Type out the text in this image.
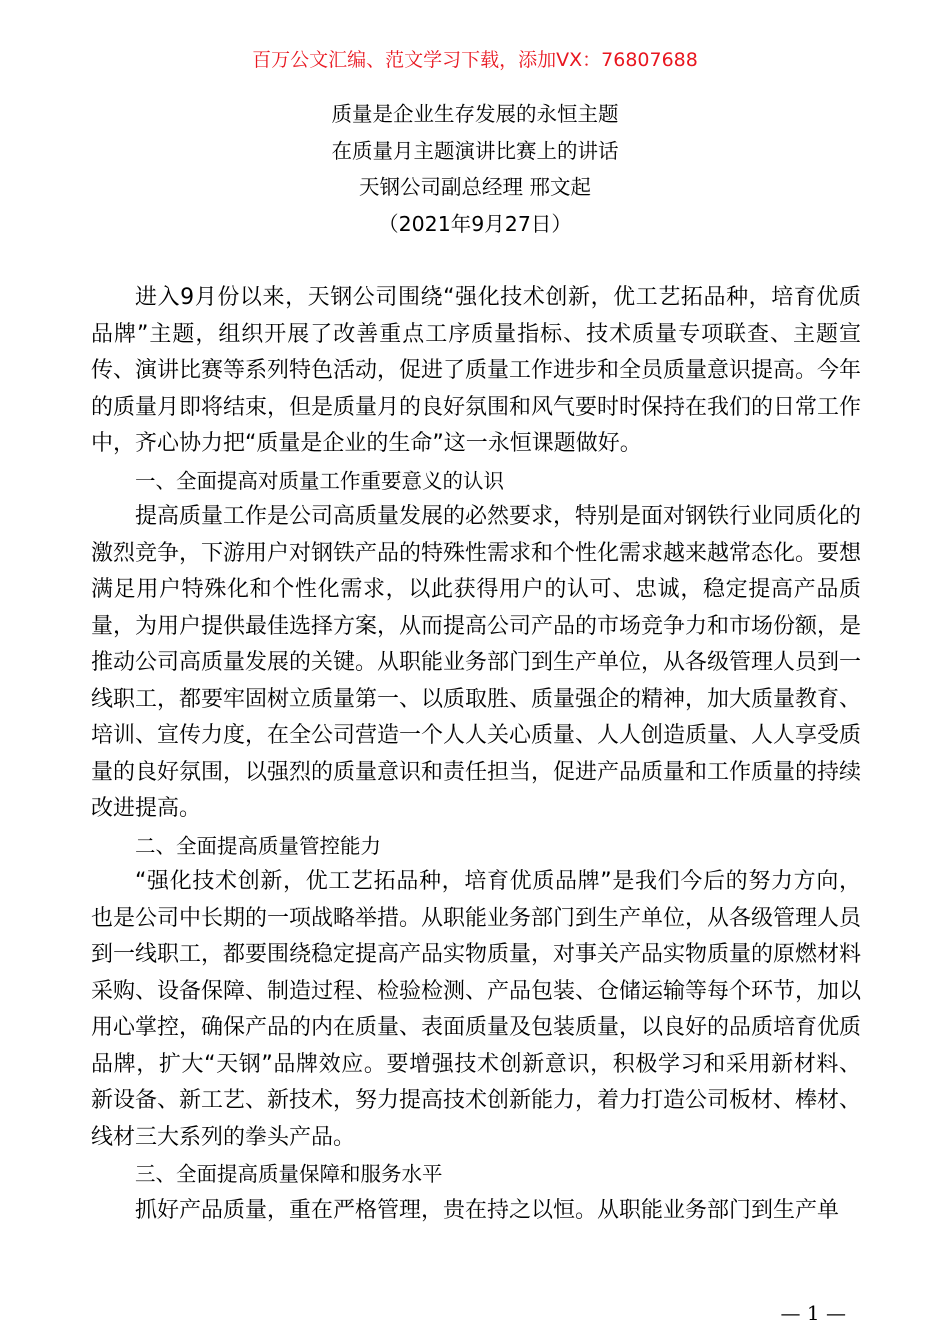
百万公文汇编、范文学习下载，添加VX：76807688
质量是企业生存发展的永恒主题
在质量月主题演讲比赛上的讲话
天钢公司副总经理 邢文起
（2021年9月27日）

进入9月份以来，天钢公司围绕“强化技术创新，优工艺拓品种，培育优质品牌”主题，组织开展了改善重点工序质量指标、技术质量专项联查、主题宣传、演讲比赛等系列特色活动，促进了质量工作进步和全员质量意识提高。今年的质量月即将结束，但是质量月的良好氛围和风气要时时保持在我们的日常工作中，齐心协力把“质量是企业的生命”这一永恒课题做好。

一、全面提高对质量工作重要意义的认识

提高质量工作是公司高质量发展的必然要求，特别是面对钢铁行业同质化的激烈竞争，下游用户对钢铁产品的特殊性需求和个性化需求越来越常态化。要想满足用户特殊化和个性化需求，以此获得用户的认可、忠诚，稳定提高产品质量，为用户提供最佳选择方案，从而提高公司产品的市场竞争力和市场份额，是推动公司高质量发展的关键。从职能业务部门到生产单位，从各级管理人员到一线职工，都要牢固树立质量第一、以质取胜、质量强企的精神，加大质量教育、培训、宣传力度，在全公司营造一个人人关心质量、人人创造质量、人人享受质量的良好氛围，以强烈的质量意识和责任担当，促进产品质量和工作质量的持续改进提高。

二、全面提高质量管控能力

“强化技术创新，优工艺拓品种，培育优质品牌”是我们今后的努力方向，也是公司中长期的一项战略举措。从职能业务部门到生产单位，从各级管理人员到一线职工，都要围绕稳定提高产品实物质量，对事关产品实物质量的原燃材料采购、设备保障、制造过程、检验检测、产品包装、仓储运输等每个环节，加以用心掌控，确保产品的内在质量、表面质量及包装质量，以良好的品质培育优质品牌，扩大“天钢”品牌效应。要增强技术创新意识，积极学习和采用新材料、新设备、新工艺、新技术，努力提高技术创新能力，着力打造公司板材、棒材、线材三大系列的拳头产品。

三、全面提高质量保障和服务水平

抓好产品质量，重在严格管理，贵在持之以恒。从职能业务部门到生产单

— 1 —
